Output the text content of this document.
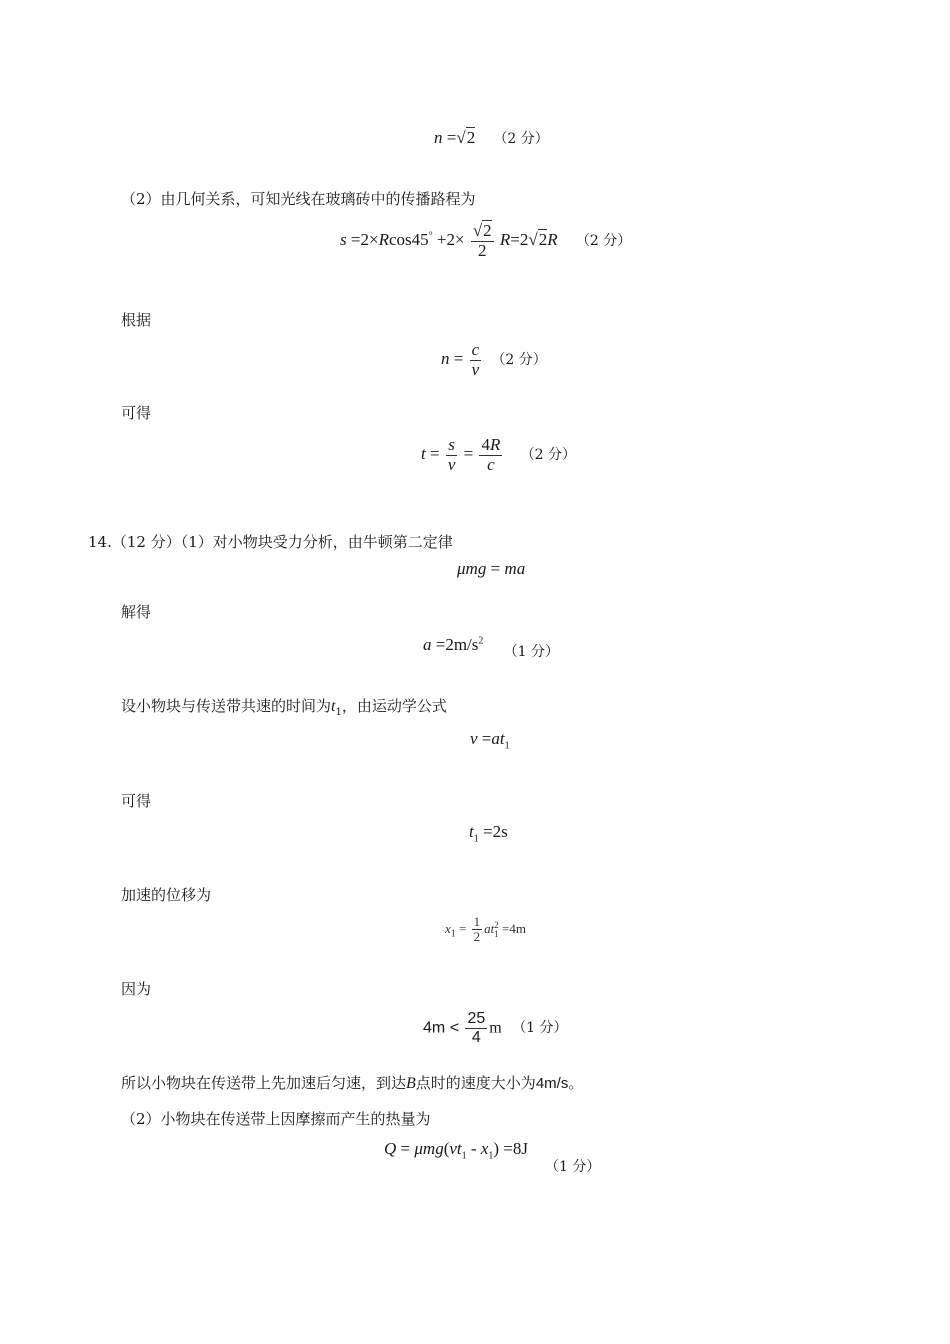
n =√2 （2 分）
（2）由几何关系，可知光线在玻璃砖中的传播路程为
$s =2\times Rcos45^\circ +2\times \frac{√2}{2} R=2√2R$ （2 分）
根据
$n = \frac{c}{v} (2$ 分）
可得
$t = \frac{s}{v} = \frac{4R}{c} (2$ 分）
14.（12 分）（1）对小物块受力分析，由牛顿第二定律
μmg = ma
解得
$a =2m/s^2$ $_{(1 分)}$
设小物块与传送带共速的时间为$t_1$，由运动学公式
$v =at_1$
可得
$t_1 =2s$
加速的位移为
$x_1 = \frac{1}{2}$ at 2
1 =4m
因为
$4m < \frac{25}{4}$ m （1 分）
所以小物块在传送带上先加速后匀速，到达B点时的速度大小为4m/s。
（2）小物块在传送带上因摩擦而产生的热量为
$Q = \mu mg(vt_1 - x_1) =8J$
（1 分）
